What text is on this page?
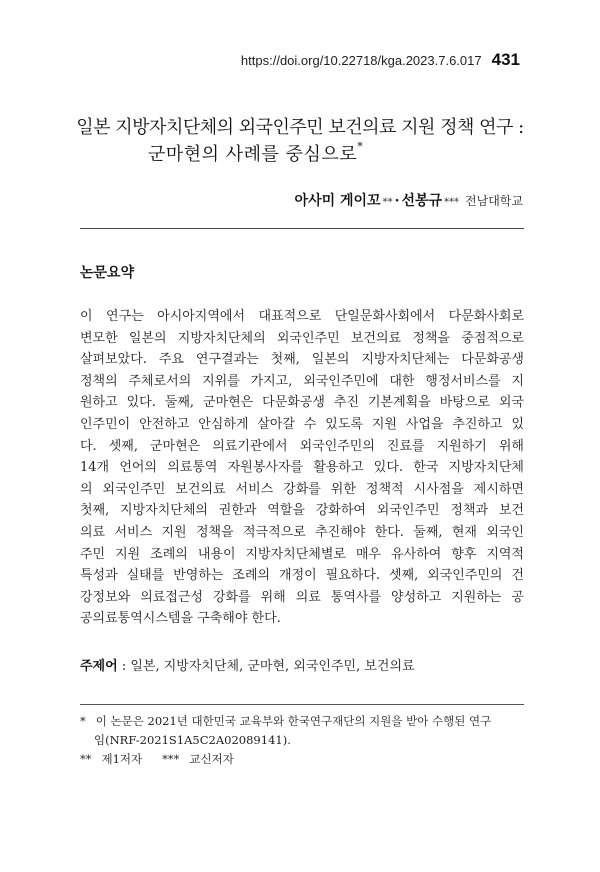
https://doi.org/10.22718/kga.2023.7.6.017 431
일본 지방자치단체의 외국인주민 보건의료 지원 정책 연구 :
군마현의 사례를 중심으로*
아사미 게이꼬 ** · 선봉규 *** 전남대학교
논문요약
이 연구는 아시아지역에서 대표적으로 단일문화사회에서 다문화사회로
변모한 일본의 지방자치단체의 외국인주민 보건의료 정책을 중점적으로
살펴보았다. 주요 연구결과는 첫째, 일본의 지방자치단체는 다문화공생
정책의 주체로서의 지위를 가지고, 외국인주민에 대한 행정서비스를 지
원하고 있다. 둘째, 군마현은 다문화공생 추진 기본계획을 바탕으로 외국
인주민이 안전하고 안심하게 살아갈 수 있도록 지원 사업을 추진하고 있
다. 셋째, 군마현은 의료기관에서 외국인주민의 진료를 지원하기 위해
14개 언어의 의료통역 자원봉사자를 활용하고 있다. 한국 지방자치단체
의 외국인주민 보건의료 서비스 강화를 위한 정책적 시사점을 제시하면
첫째, 지방자치단체의 권한과 역할을 강화하여 외국인주민 정책과 보건
의료 서비스 지원 정책을 적극적으로 추진해야 한다. 둘째, 현재 외국인
주민 지원 조례의 내용이 지방자치단체별로 매우 유사하여 향후 지역적
특성과 실태를 반영하는 조례의 개정이 필요하다. 셋째, 외국인주민의 건
강정보와 의료접근성 강화를 위해 의료 통역사를 양성하고 지원하는 공
공의료통역시스템을 구축해야 한다.
주제어 : 일본, 지방자치단체, 군마현, 외국인주민, 보건의료
* 이 논문은 2021년 대한민국 교육부와 한국연구재단의 지원을 받아 수행된 연구
임(NRF-2021S1A5C2A02089141).
** 제1저자 *** 교신저자
